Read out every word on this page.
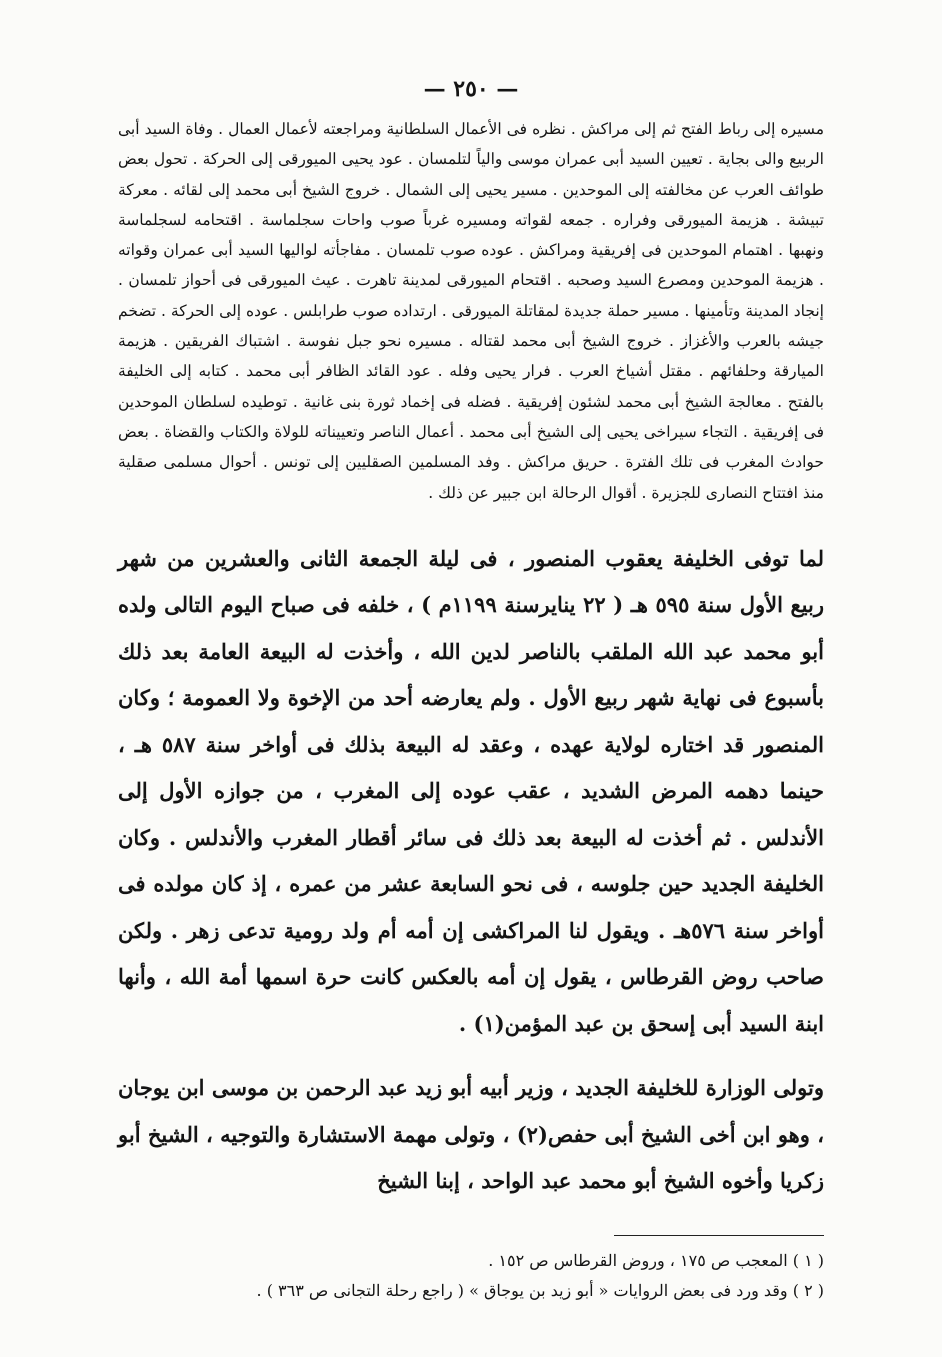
— ٢٥٠ —

مسيره إلى رباط الفتح ثم إلى مراكش . نظره فى الأعمال السلطانية ومراجعته لأعمال العمال . وفاة السيد أبى الربيع والى بجاية . تعيين السيد أبى عمران موسى والياً لتلمسان . عود يحيى الميورقى إلى الحركة . تحول بعض طوائف العرب عن مخالفته إلى الموحدين . مسير يحيى إلى الشمال . خروج الشيخ أبى محمد إلى لقائه . معركة تبيشة . هزيمة الميورقى وفراره . جمعه لقواته ومسيره غرباً صوب واحات سجلماسة . اقتحامه لسجلماسة ونهبها . اهتمام الموحدين فى إفريقية ومراكش . عوده صوب تلمسان . مفاجأته لواليها السيد أبى عمران وقواته . هزيمة الموحدين ومصرع السيد وصحبه . اقتحام الميورقى لمدينة تاهرت . عيث الميورقى فى أحواز تلمسان . إنجاد المدينة وتأمينها . مسير حملة جديدة لمقاتلة الميورقى . ارتداده صوب طرابلس . عوده إلى الحركة . تضخم جيشه بالعرب والأغزاز . خروج الشيخ أبى محمد لقتاله . مسيره نحو جبل نفوسة . اشتباك الفريقين . هزيمة الميارقة وحلفائهم . مقتل أشياخ العرب . فرار يحيى وفله . عود القائد الظافر أبى محمد . كتابه إلى الخليفة بالفتح . معالجة الشيخ أبى محمد لشئون إفريقية . فضله فى إخماد ثورة بنى غانية . توطيده لسلطان الموحدين فى إفريقية . التجاء سيراخى يحيى إلى الشيخ أبى محمد . أعمال الناصر وتعييناته للولاة والكتاب والقضاة . بعض حوادث المغرب فى تلك الفترة . حريق مراكش . وفد المسلمين الصقليين إلى تونس . أحوال مسلمى صقلية منذ افتتاح النصارى للجزيرة . أقوال الرحالة ابن جبير عن ذلك .

لما توفى الخليفة يعقوب المنصور ، فى ليلة الجمعة الثانى والعشرين من شهر ربيع الأول سنة ٥٩٥ هـ ( ٢٢ ينايرسنة ١١٩٩م ) ، خلفه فى صباح اليوم التالى ولده أبو محمد عبد الله الملقب بالناصر لدين الله ، وأخذت له البيعة العامة بعد ذلك بأسبوع فى نهاية شهر ربيع الأول . ولم يعارضه أحد من الإخوة ولا العمومة ؛ وكان المنصور قد اختاره لولاية عهده ، وعقد له البيعة بذلك فى أواخر سنة ٥٨٧ هـ ، حينما دهمه المرض الشديد ، عقب عوده إلى المغرب ، من جوازه الأول إلى الأندلس . ثم أخذت له البيعة بعد ذلك فى سائر أقطار المغرب والأندلس . وكان الخليفة الجديد حين جلوسه ، فى نحو السابعة عشر من عمره ، إذ كان مولده فى أواخر سنة ٥٧٦هـ . ويقول لنا المراكشى إن أمه أم ولد رومية تدعى زهر . ولكن صاحب روض القرطاس ، يقول إن أمه بالعكس كانت حرة اسمها أمة الله ، وأنها ابنة السيد أبى إسحق بن عبد المؤمن(١) .

وتولى الوزارة للخليفة الجديد ، وزير أبيه أبو زيد عبد الرحمن بن موسى ابن يوجان ، وهو ابن أخى الشيخ أبى حفص(٢) ، وتولى مهمة الاستشارة والتوجيه ، الشيخ أبو زكريا وأخوه الشيخ أبو محمد عبد الواحد ، إبنا الشيخ

( ١ ) المعجب ص ١٧٥ ، وروض القرطاس ص ١٥٢ .

( ٢ ) وقد ورد فى بعض الروايات « أبو زيد بن يوجاق » ( راجع رحلة التجانى ص ٣٦٣ ) .
